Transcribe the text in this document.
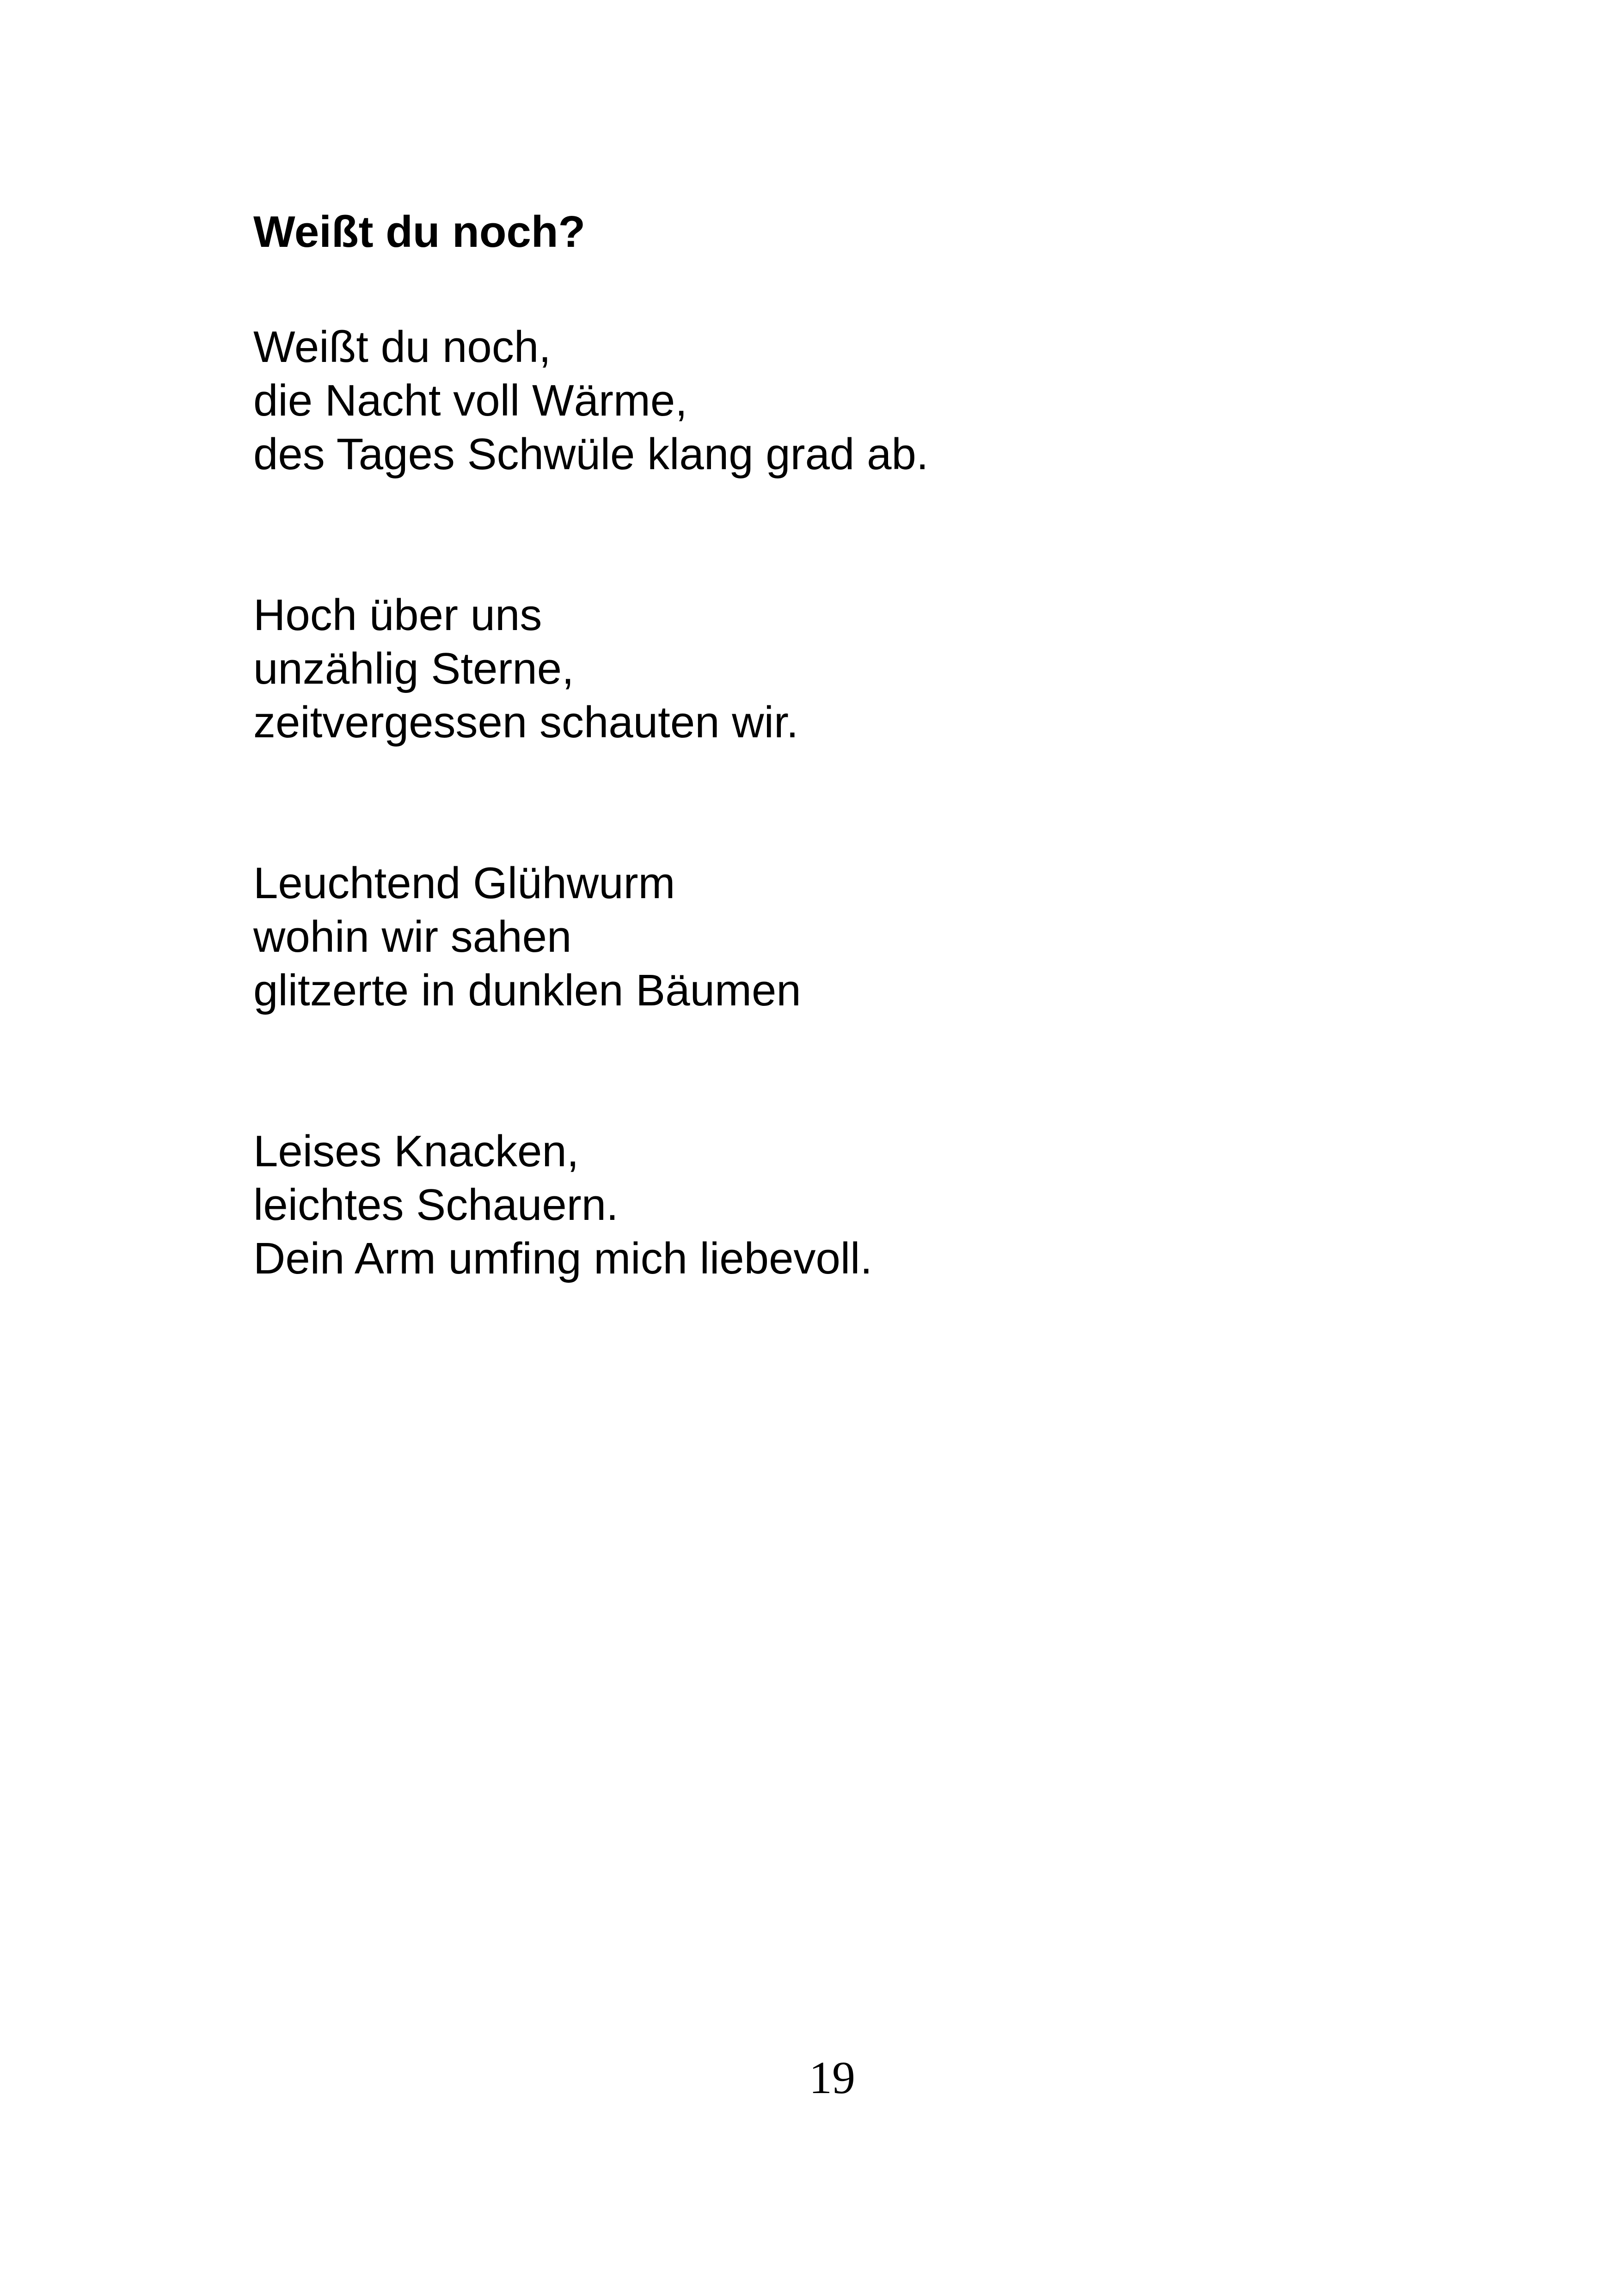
Weißt du noch?
Weißt du noch,
die Nacht voll Wärme,
des Tages Schwüle klang grad ab.
Hoch über uns
unzählig Sterne,
zeitvergessen schauten wir.
Leuchtend Glühwurm
wohin wir sahen
glitzerte in dunklen Bäumen
Leises Knacken,
leichtes Schauern.
Dein Arm umfing mich liebevoll.
19
